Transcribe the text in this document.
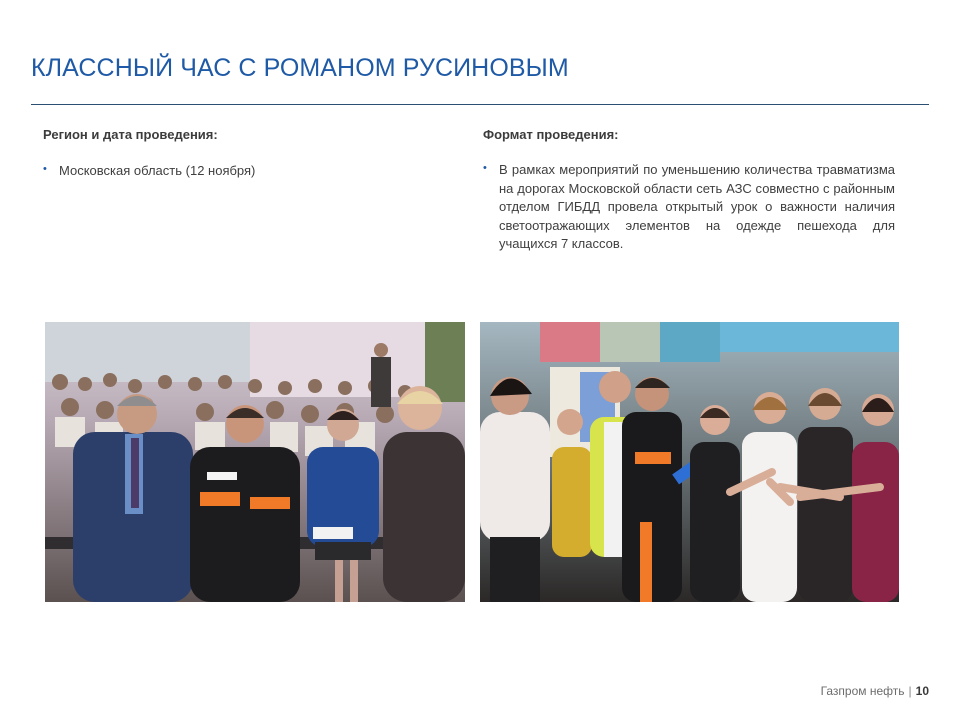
КЛАССНЫЙ ЧАС С РОМАНОМ РУСИНОВЫМ
Регион и дата проведения:
• Московская область (12 ноября)
Формат проведения:
• В рамках мероприятий по уменьшению количества травматизма на дорогах Московской области сеть АЗС совместно с районным отделом ГИБДД провела открытый урок о важности наличия светоотражающих элементов на одежде пешехода для учащихся 7 классов.
Газпром нефть | 10
